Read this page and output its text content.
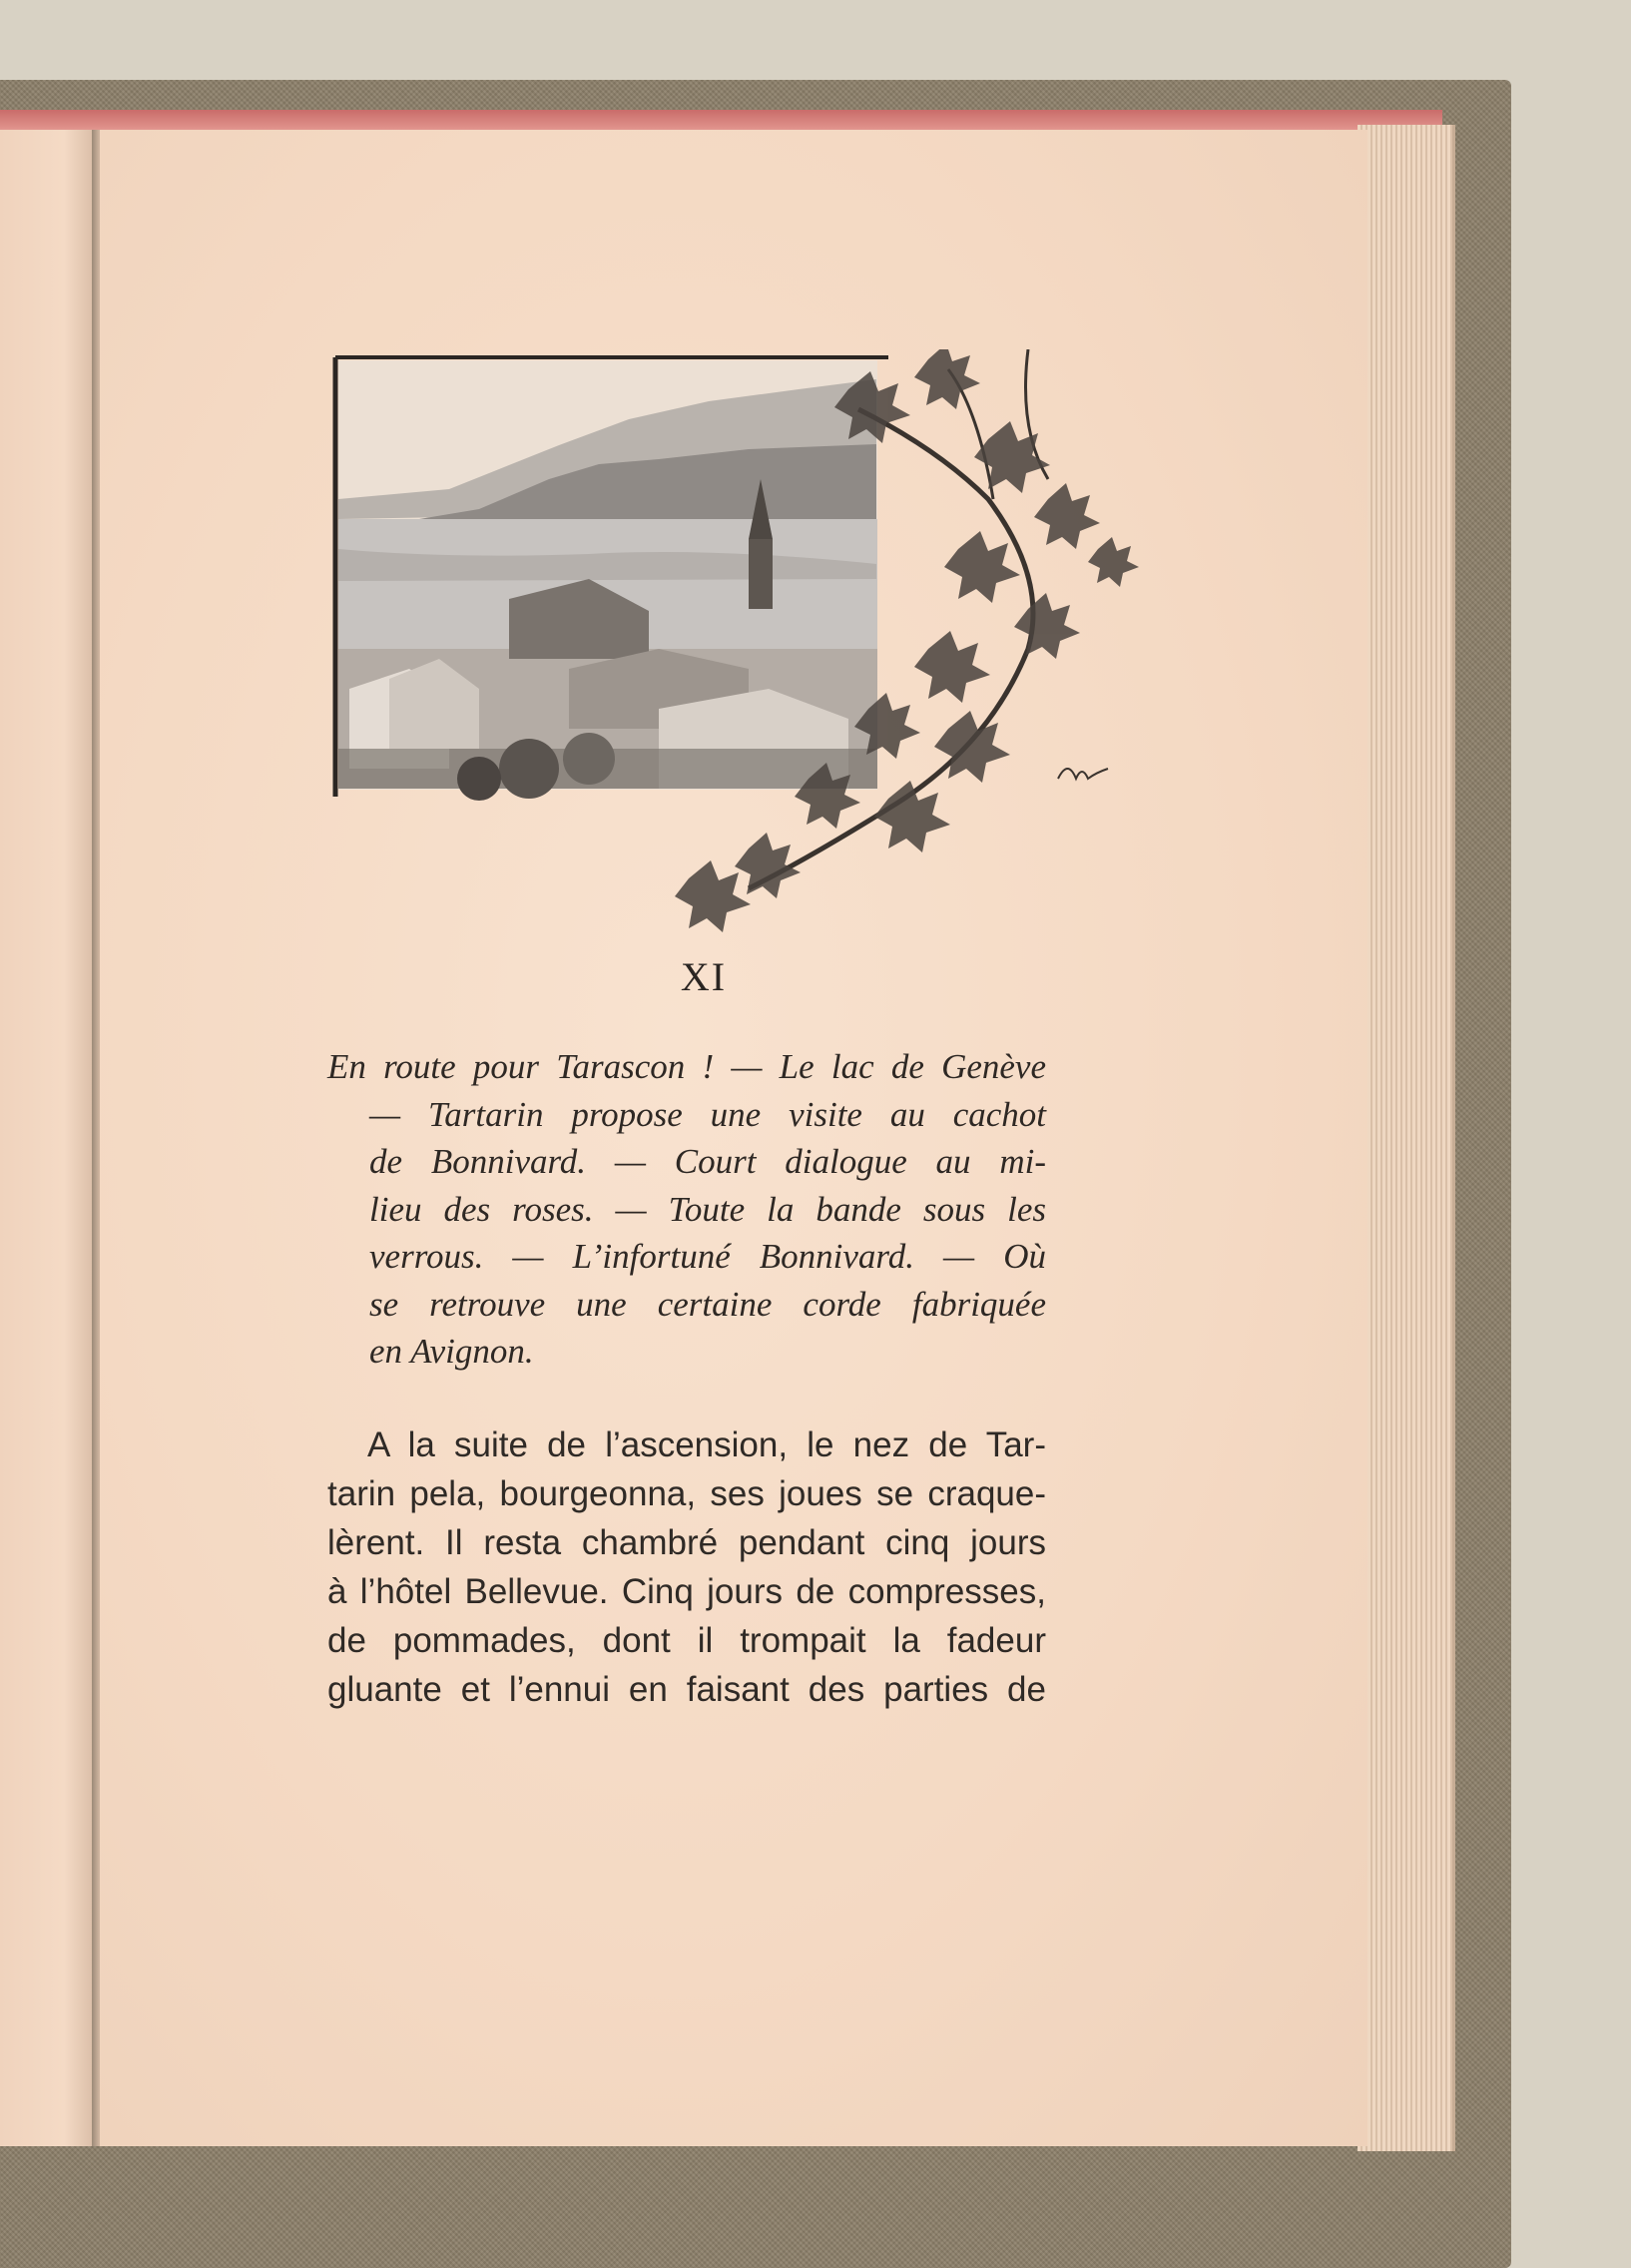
XI
En route pour Tarascon ! — Le lac de Genève
— Tartarin propose une visite au cachot
de Bonnivard. — Court dialogue au mi-
lieu des roses. — Toute la bande sous les
verrous. — L’infortuné Bonnivard. — Où
se retrouve une certaine corde fabriquée
en Avignon.
A la suite de l’ascension, le nez de Tar-
tarin pela, bourgeonna, ses joues se craque-
lèrent. Il resta chambré pendant cinq jours
à l’hôtel Bellevue. Cinq jours de compresses,
de pommades, dont il trompait la fadeur
gluante et l’ennui en faisant des parties de
